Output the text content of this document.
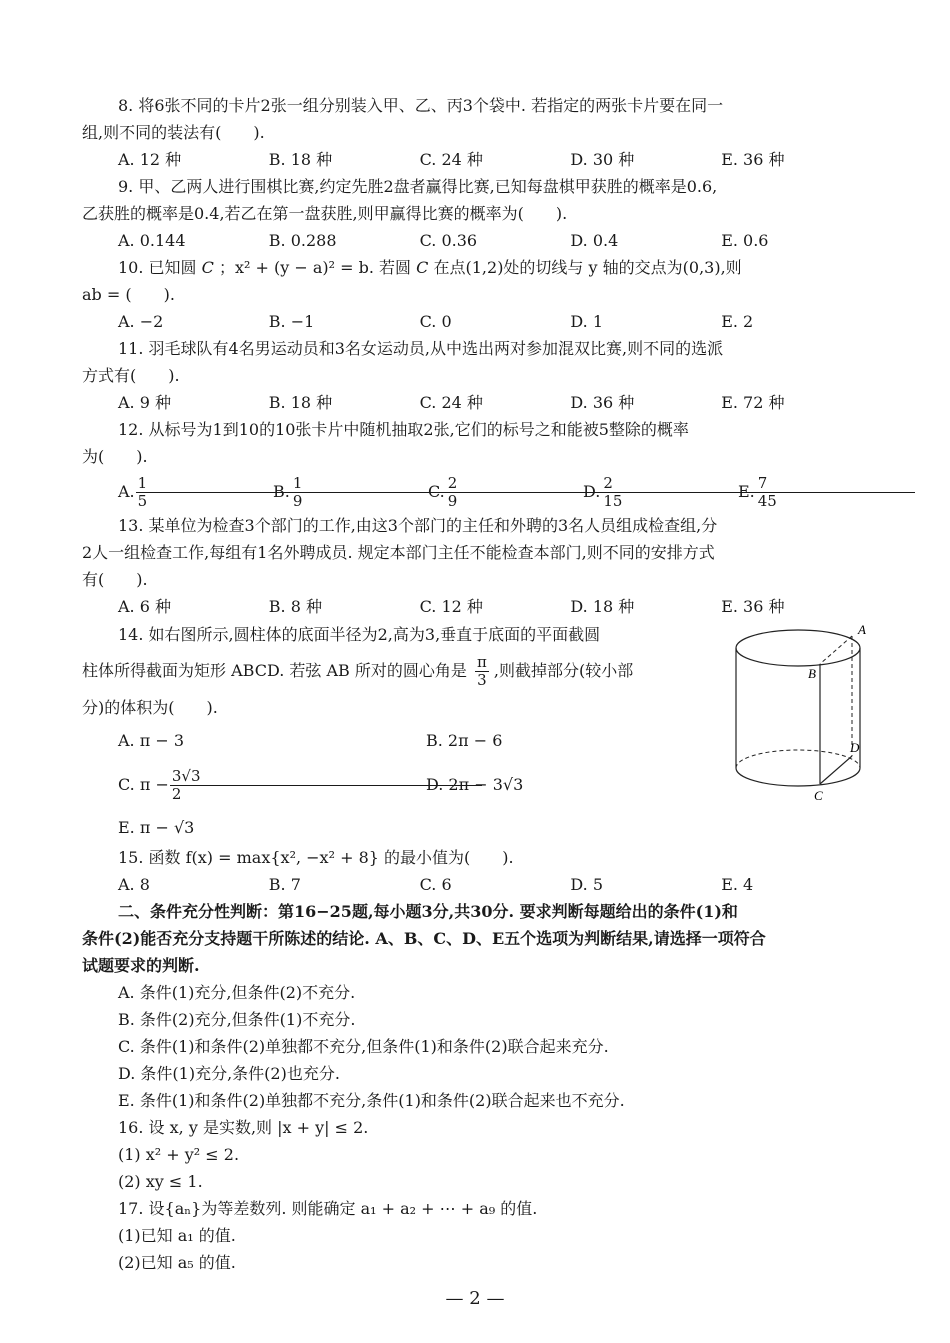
8. 将6张不同的卡片2张一组分别装入甲、乙、丙3个袋中. 若指定的两张卡片要在同一
组,则不同的装法有(　　).
A. 12 种	B. 18 种	C. 24 种	D. 30 种	E. 36 种
9. 甲、乙两人进行围棋比赛,约定先胜2盘者赢得比赛,已知每盘棋甲获胜的概率是0.6,
乙获胜的概率是0.4,若乙在第一盘获胜,则甲赢得比赛的概率为(　　).
A. 0.144	B. 0.288	C. 0.36	D. 0.4	E. 0.6
10. 已知圆 C ；x² + (y − a)² = b. 若圆 C 在点(1,2)处的切线与 y 轴的交点为(0,3),则
ab = (　　).
A. −2	B. −1	C. 0	D. 1	E. 2
11. 羽毛球队有4名男运动员和3名女运动员,从中选出两对参加混双比赛,则不同的选派
方式有(　　).
A. 9 种	B. 18 种	C. 24 种	D. 36 种	E. 72 种
12. 从标号为1到10的10张卡片中随机抽取2张,它们的标号之和能被5整除的概率
为(　　).
A. $\frac{1}{5}$
B. $\frac{1}{9}$
C. $\frac{2}{9}$
D. $\frac{2}{15}$
E. $\frac{7}{45}$
13. 某单位为检查3个部门的工作,由这3个部门的主任和外聘的3名人员组成检查组,分
2人一组检查工作,每组有1名外聘成员. 规定本部门主任不能检查本部门,则不同的安排方式
有(　　).
A. 6 种	B. 8 种	C. 12 种	D. 18 种	E. 36 种
14. 如右图所示,圆柱体的底面半径为2,高为3,垂直于底面的平面截圆
柱体所得截面为矩形 ABCD. 若弦 AB 所对的圆心角是 $\frac{\pi}{3}$ ,则截掉部分(较小部
分)的体积为(　　).
A. π − 3	B. 2π − 6
C. $\pi - \frac{3√3}{2}$
D. 2π − 3√3
E. π − √3
A
B
C
D
15. 函数 f(x) = max{x², −x² + 8} 的最小值为(　　).
A. 8	B. 7	C. 6	D. 5	E. 4
二、条件充分性判断：第16−25题,每小题3分,共30分. 要求判断每题给出的条件(1)和
条件(2)能否充分支持题干所陈述的结论. A、B、C、D、E五个选项为判断结果,请选择一项符合
试题要求的判断.
A. 条件(1)充分,但条件(2)不充分.
B. 条件(2)充分,但条件(1)不充分.
C. 条件(1)和条件(2)单独都不充分,但条件(1)和条件(2)联合起来充分.
D. 条件(1)充分,条件(2)也充分.
E. 条件(1)和条件(2)单独都不充分,条件(1)和条件(2)联合起来也不充分.
16. 设 x, y 是实数,则 |x + y| ≤ 2.
(1) x² + y² ≤ 2.
(2) xy ≤ 1.
17. 设{aₙ}为等差数列. 则能确定 a₁ + a₂ + ⋯ + a₉ 的值.
(1)已知 a₁ 的值.
(2)已知 a₅ 的值.
— 2 —
